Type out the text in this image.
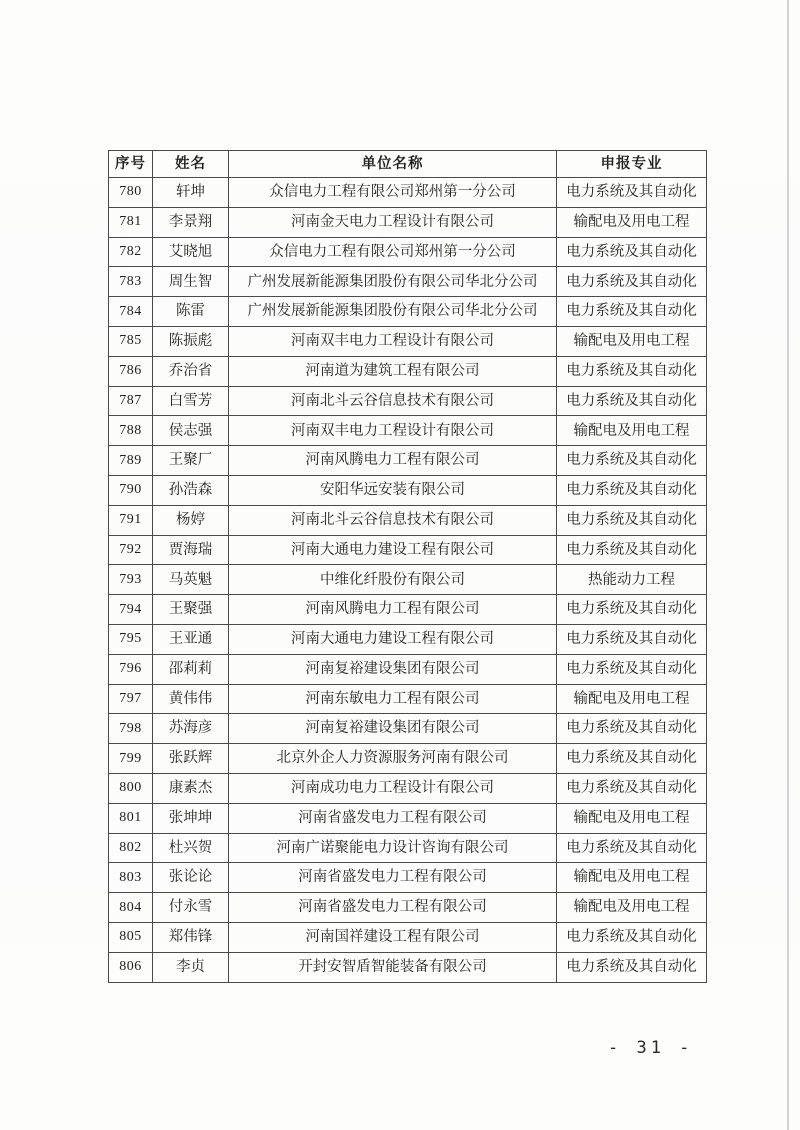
序号	姓名	单位名称	申报专业
780	轩坤	众信电力工程有限公司郑州第一分公司	电力系统及其自动化
781	李景翔	河南金天电力工程设计有限公司	输配电及用电工程
782	艾晓旭	众信电力工程有限公司郑州第一分公司	电力系统及其自动化
783	周生智	广州发展新能源集团股份有限公司华北分公司	电力系统及其自动化
784	陈雷	广州发展新能源集团股份有限公司华北分公司	电力系统及其自动化
785	陈振彪	河南双丰电力工程设计有限公司	输配电及用电工程
786	乔治省	河南道为建筑工程有限公司	电力系统及其自动化
787	白雪芳	河南北斗云谷信息技术有限公司	电力系统及其自动化
788	侯志强	河南双丰电力工程设计有限公司	输配电及用电工程
789	王聚厂	河南风腾电力工程有限公司	电力系统及其自动化
790	孙浩森	安阳华远安装有限公司	电力系统及其自动化
791	杨婷	河南北斗云谷信息技术有限公司	电力系统及其自动化
792	贾海瑞	河南大通电力建设工程有限公司	电力系统及其自动化
793	马英魁	中维化纤股份有限公司	热能动力工程
794	王聚强	河南风腾电力工程有限公司	电力系统及其自动化
795	王亚通	河南大通电力建设工程有限公司	电力系统及其自动化
796	邵莉莉	河南复裕建设集团有限公司	电力系统及其自动化
797	黄伟伟	河南东敏电力工程有限公司	输配电及用电工程
798	苏海彦	河南复裕建设集团有限公司	电力系统及其自动化
799	张跃辉	北京外企人力资源服务河南有限公司	电力系统及其自动化
800	康素杰	河南成功电力工程设计有限公司	电力系统及其自动化
801	张坤坤	河南省盛发电力工程有限公司	输配电及用电工程
802	杜兴贺	河南广诺聚能电力设计咨询有限公司	电力系统及其自动化
803	张论论	河南省盛发电力工程有限公司	输配电及用电工程
804	付永雪	河南省盛发电力工程有限公司	输配电及用电工程
805	郑伟锋	河南国祥建设工程有限公司	电力系统及其自动化
806	李贞	开封安智盾智能装备有限公司	电力系统及其自动化
- 31 -
